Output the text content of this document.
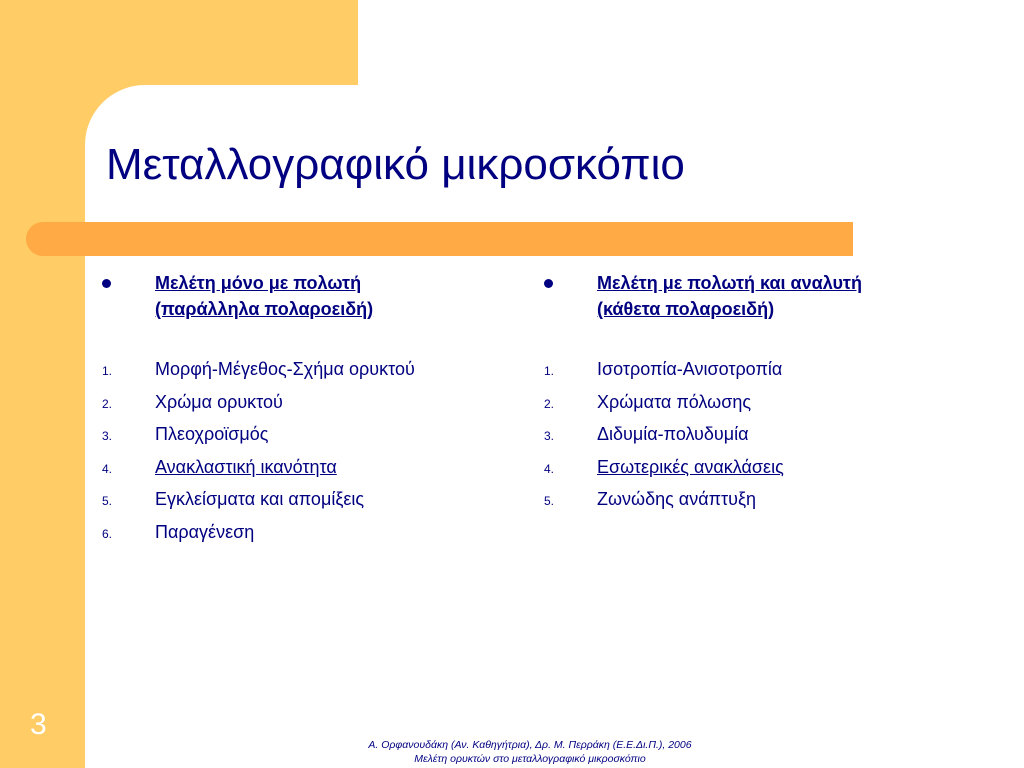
Μεταλλογραφικό μικροσκόπιο
Μελέτη μόνο με πολωτή
(παράλληλα πολαροειδή)
1. Μορφή-Μέγεθος-Σχήμα ορυκτού
2. Χρώμα ορυκτού
3. Πλεοχροϊσμός
4. Ανακλαστική ικανότητα
5. Εγκλείσματα και απομίξεις
6. Παραγένεση
Μελέτη με πολωτή και αναλυτή
(κάθετα πολαροειδή)
1. Ισοτροπία-Ανισοτροπία
2. Χρώματα πόλωσης
3. Διδυμία-πολυδυμία
4. Εσωτερικές ανακλάσεις
5. Ζωνώδης ανάπτυξη
3
Α. Ορφανουδάκη (Αν. Καθηγήτρια), Δρ. Μ. Περράκη (Ε.Ε.Δι.Π.), 2006
Μελέτη ορυκτών στο μεταλλογραφικό μικροσκόπιο
